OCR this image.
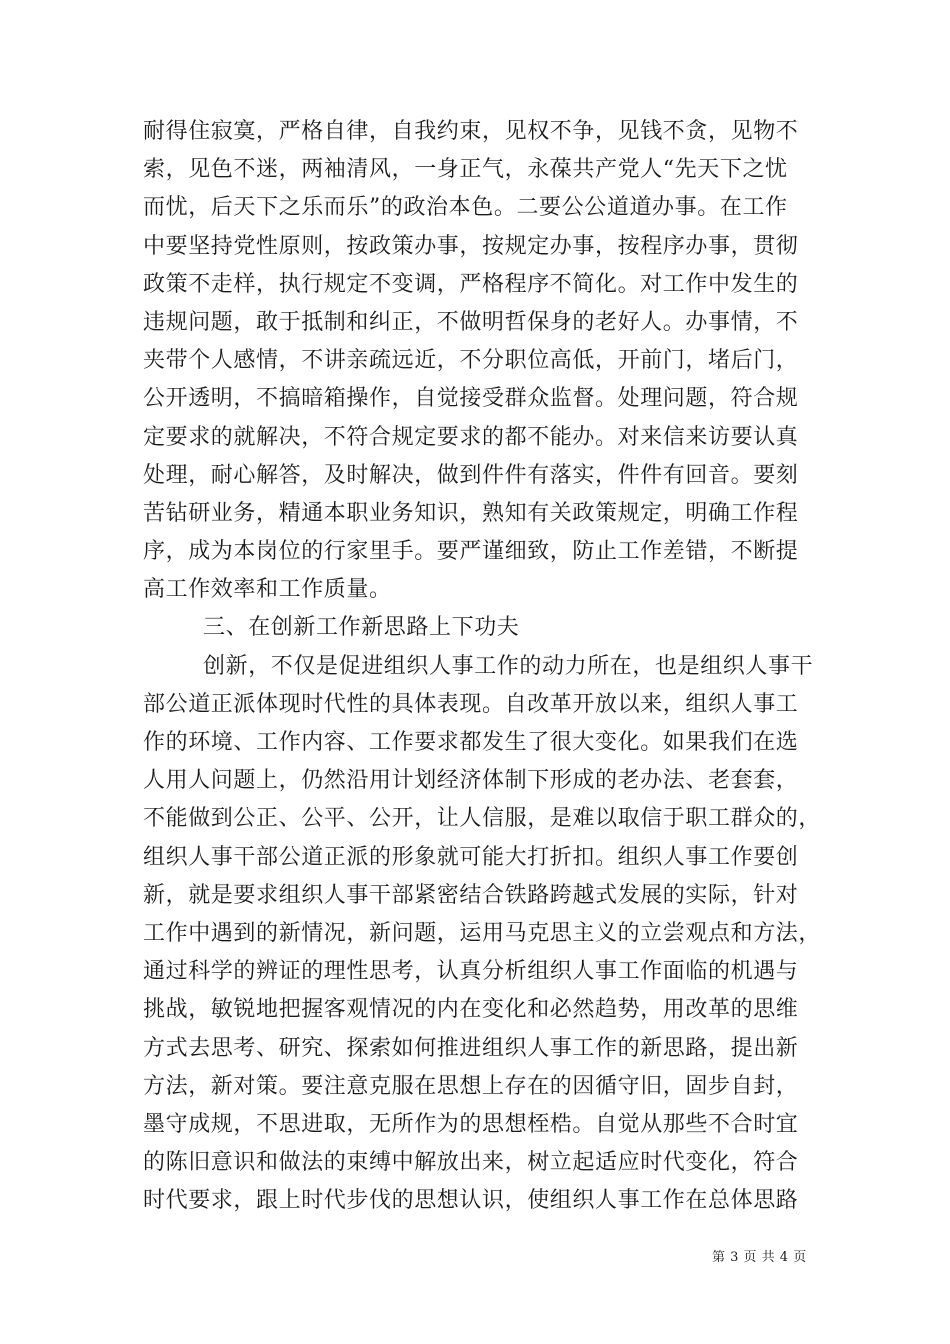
耐得住寂寞，严格自律，自我约束，见权不争，见钱不贪，见物不
索，见色不迷，两袖清风，一身正气，永葆共产党人“先天下之忧
而忧，后天下之乐而乐”的政治本色。二要公公道道办事。在工作
中要坚持党性原则，按政策办事，按规定办事，按程序办事，贯彻
政策不走样，执行规定不变调，严格程序不简化。对工作中发生的
违规问题，敢于抵制和纠正，不做明哲保身的老好人。办事情，不
夹带个人感情，不讲亲疏远近，不分职位高低，开前门，堵后门，
公开透明，不搞暗箱操作，自觉接受群众监督。处理问题，符合规
定要求的就解决，不符合规定要求的都不能办。对来信来访要认真
处理，耐心解答，及时解决，做到件件有落实，件件有回音。要刻
苦钻研业务，精通本职业务知识，熟知有关政策规定，明确工作程
序，成为本岗位的行家里手。要严谨细致，防止工作差错，不断提
高工作效率和工作质量。
三、在创新工作新思路上下功夫
创新，不仅是促进组织人事工作的动力所在，也是组织人事干
部公道正派体现时代性的具体表现。自改革开放以来，组织人事工
作的环境、工作内容、工作要求都发生了很大变化。如果我们在选
人用人问题上，仍然沿用计划经济体制下形成的老办法、老套套，
不能做到公正、公平、公开，让人信服，是难以取信于职工群众的，
组织人事干部公道正派的形象就可能大打折扣。组织人事工作要创
新，就是要求组织人事干部紧密结合铁路跨越式发展的实际，针对
工作中遇到的新情况，新问题，运用马克思主义的立尝观点和方法，
通过科学的辨证的理性思考，认真分析组织人事工作面临的机遇与
挑战，敏锐地把握客观情况的内在变化和必然趋势，用改革的思维
方式去思考、研究、探索如何推进组织人事工作的新思路，提出新
方法，新对策。要注意克服在思想上存在的因循守旧，固步自封，
墨守成规，不思进取，无所作为的思想桎梏。自觉从那些不合时宜
的陈旧意识和做法的束缚中解放出来，树立起适应时代变化，符合
时代要求，跟上时代步伐的思想认识，使组织人事工作在总体思路
第 3 页 共 4 页
